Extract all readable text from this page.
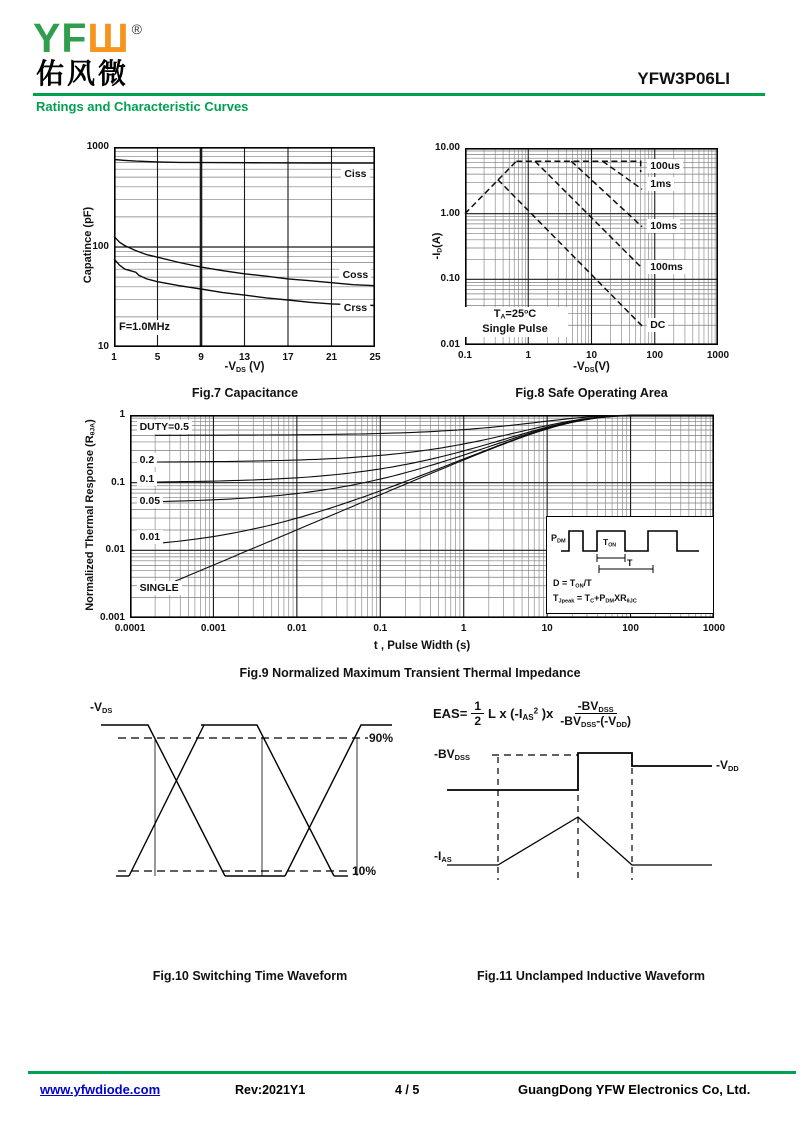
YFШ ®
佑风微	YFW3P06LI
Ratings and Characteristic Curves
1	5	9	13	17	21	25
10
100
1000
Ciss
Coss
Crss
0.1	1	10	100	1000
10.00
1.00
0.10
0.01
100us
1ms
10ms
100ms
DC
0.0001	0.001	0.01	0.1	1	10	100	1000
1
0.1
0.01
0.001
DUTY=0.5
0.2
0.1
0.05
0.01
SINGLE
Capatince (pF)
$-V_{DS}$ (V)
$-I_D(A)$
$-V_{DS}(V)$
Normalized Thermal Response $(R_{\theta JA})$
t , Pulse Width (s)
F=1.0MHz
$T_A=25^oC$
Single Pulse
Fig.7 Capacitance	Fig.8 Safe Operating Area
Fig.9 Normalized Maximum Transient Thermal Impedance
Fig.10 Switching Time Waveform	Fig.11 Unclamped Inductive Waveform
$P_{DM}$	$T_{ON}$
T
$D = T_{ON}/T$
$T_{Jpeak} = T_C+P_{DM}XR_{\theta JC}$
$-V_{DS}$
90%
10%
$EAS= \frac{1}{2}$ L x ($-I_{AS}^2$ )$x \frac{-BV_{DSS}}{-BV_{DSS}-(-V_{DD})}$
$-BV_{DSS}$
$-V_{DD}$
$-I_{AS}$
www.yfwdiode.com	Rev:2021Y1	4 / 5	GuangDong YFW Electronics Co, Ltd.
